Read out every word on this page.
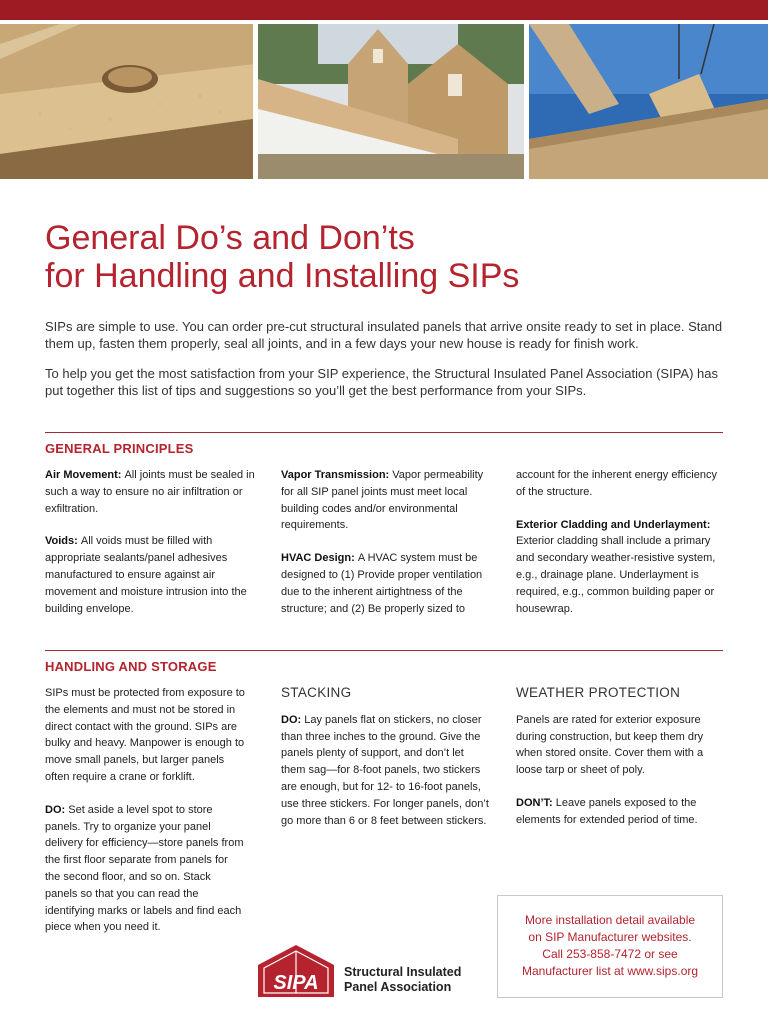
General Do’s and Don’ts
for Handling and Installing SIPs

SIPs are simple to use. You can order pre-cut structural insulated panels that arrive onsite ready to set in place. Stand them up, fasten them properly, seal all joints, and in a few days your new house is ready for finish work.

To help you get the most satisfaction from your SIP experience, the Structural Insulated Panel Association (SIPA) has put together this list of tips and suggestions so you’ll get the best performance from your SIPs.

GENERAL PRINCIPLES

Air Movement: All joints must be sealed in such a way to ensure no air infiltration or exfiltration.

Voids: All voids must be filled with appropriate sealants/panel adhesives manufactured to ensure against air movement and moisture intrusion into the building envelope.

Vapor Transmission: Vapor permeability for all SIP panel joints must meet local building codes and/or environmental requirements.

HVAC Design: A HVAC system must be designed to (1) Provide proper ventilation due to the inherent airtightness of the structure; and (2) Be properly sized to

account for the inherent energy efficiency of the structure.

Exterior Cladding and Underlayment:
Exterior cladding shall include a primary and secondary weather-resistive system, e.g., drainage plane. Underlayment is required, e.g., common building paper or housewrap.

HANDLING AND STORAGE

SIPs must be protected from exposure to the elements and must not be stored in direct contact with the ground. SIPs are bulky and heavy. Manpower is enough to move small panels, but larger panels often require a crane or forklift.

DO: Set aside a level spot to store panels. Try to organize your panel delivery for efficiency—store panels from the first floor separate from panels for the second floor, and so on. Stack panels so that you can read the identifying marks or labels and find each piece when you need it.

STACKING

DO: Lay panels flat on stickers, no closer than three inches to the ground. Give the panels plenty of support, and don’t let them sag—for 8-foot panels, two stickers are enough, but for 12- to 16-foot panels, use three stickers. For longer panels, don’t go more than 6 or 8 feet between stickers.

WEATHER PROTECTION

Panels are rated for exterior exposure during construction, but keep them dry when stored onsite. Cover them with a loose tarp or sheet of poly.

DON’T: Leave panels exposed to the elements for extended period of time.

More installation detail available
on SIP Manufacturer websites.
Call 253-858-7472 or see
Manufacturer list at www.sips.org
SIPA Structural Insulated
Panel Association
